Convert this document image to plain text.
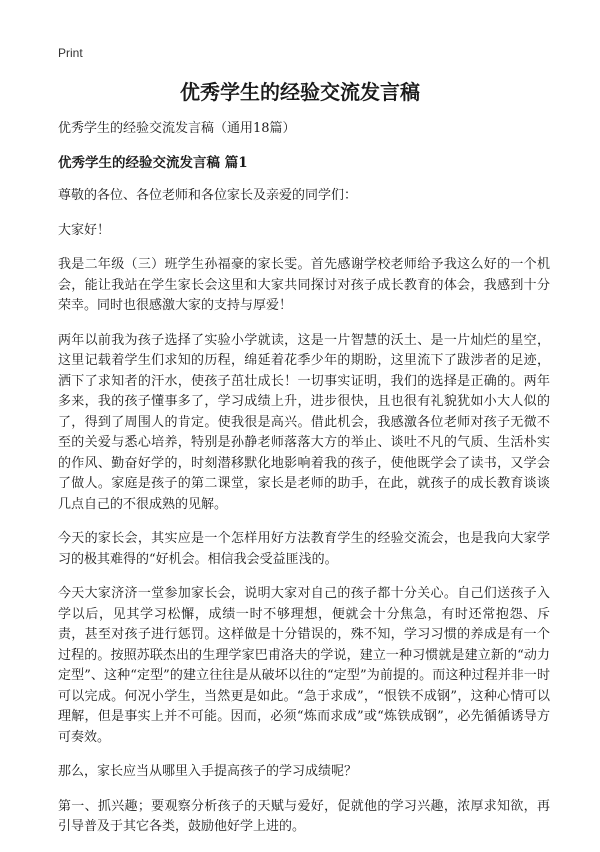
Print
优秀学生的经验交流发言稿

优秀学生的经验交流发言稿（通用18篇）

优秀学生的经验交流发言稿 篇1

尊敬的各位、各位老师和各位家长及亲爱的同学们：

大家好！

我是二年级（三）班学生孙福豪的家长雯。首先感谢学校老师给予我这么好的一个机会，能让我站在学生家长会这里和大家共同探讨对孩子成长教育的体会，我感到十分荣幸。同时也很感激大家的支持与厚爱！

两年以前我为孩子选择了实验小学就读，这是一片智慧的沃土、是一片灿烂的星空，这里记载着学生们求知的历程，绵延着花季少年的期盼，这里流下了跋涉者的足迹，洒下了求知者的汗水，使孩子茁壮成长！一切事实证明，我们的选择是正确的。两年多来，我的孩子懂事多了，学习成绩上升，进步很快，且也很有礼貌犹如小大人似的了，得到了周围人的肯定。使我很是高兴。借此机会，我感激各位老师对孩子无微不至的关爱与悉心培养，特别是孙静老师落落大方的举止、谈吐不凡的气质、生活朴实的作风、勤奋好学的，时刻潜移默化地影响着我的孩子，使他既学会了读书，又学会了做人。家庭是孩子的第二课堂，家长是老师的助手，在此，就孩子的成长教育谈谈几点自己的不很成熟的见解。

今天的家长会，其实应是一个怎样用好方法教育学生的经验交流会，也是我向大家学习的极其难得的“好机会。相信我会受益匪浅的。

今天大家济济一堂参加家长会，说明大家对自己的孩子都十分关心。自己们送孩子入学以后，见其学习松懈，成绩一时不够理想，便就会十分焦急，有时还常抱怨、斥责，甚至对孩子进行惩罚。这样做是十分错误的，殊不知，学习习惯的养成是有一个过程的。按照苏联杰出的生理学家巴甫洛夫的学说，建立一种习惯就是建立新的“动力定型”、这种“定型”的建立往往是从破坏以往的“定型”为前提的。而这种过程并非一时可以完成。何况小学生，当然更是如此。“急于求成”，“恨铁不成钢”，这种心情可以理解，但是事实上并不可能。因而，必须“炼而求成”或“炼铁成钢”，必先循循诱导方可奏效。

那么，家长应当从哪里入手提高孩子的学习成绩呢？

第一、抓兴趣；要观察分析孩子的天赋与爱好，促就他的学习兴趣，浓厚求知欲，再引导普及于其它各类，鼓励他好学上进的。
